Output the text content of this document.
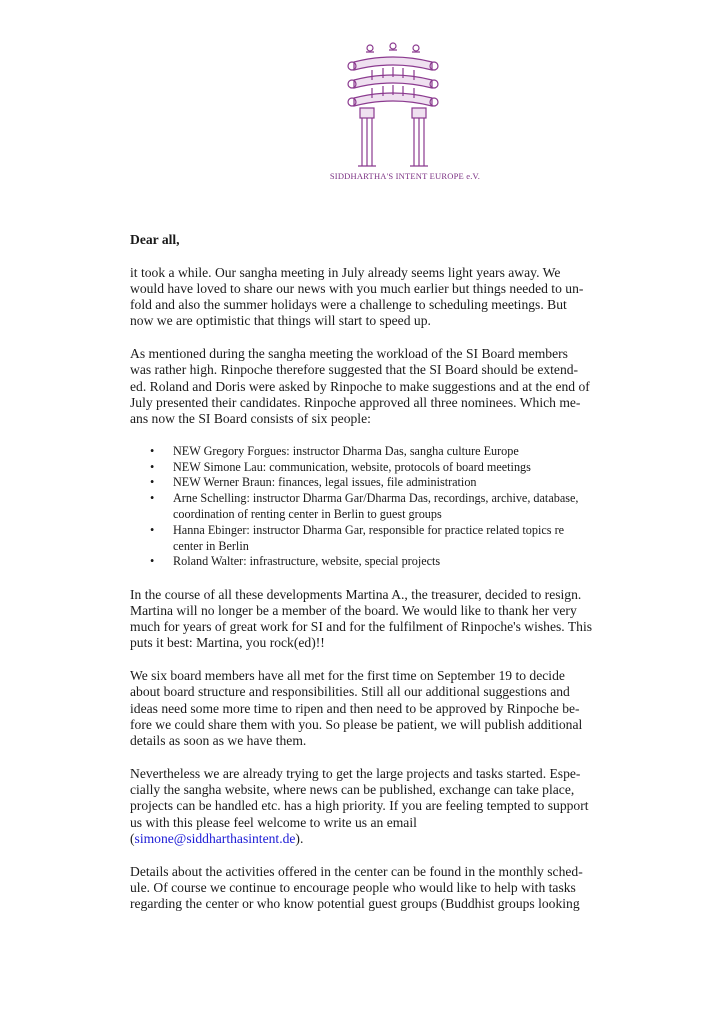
SIDDHARTHA'S INTENT EUROPE e.V.
Dear all,

it took a while. Our sangha meeting in July already seems light years away. We
would have loved to share our news with you much earlier but things needed to un-
fold and also the summer holidays were a challenge to scheduling meetings. But
now we are optimistic that things will start to speed up.

As mentioned during the sangha meeting the workload of the SI Board members
was rather high. Rinpoche therefore suggested that the SI Board should be extend-
ed. Roland and Doris were asked by Rinpoche to make suggestions and at the end of
July presented their candidates. Rinpoche approved all three nominees. Which me-
ans now the SI Board consists of six people:

• NEW Gregory Forgues: instructor Dharma Das, sangha culture Europe
• NEW Simone Lau: communication, website, protocols of board meetings
• NEW Werner Braun: finances, legal issues, file administration
• Arne Schelling: instructor Dharma Gar/Dharma Das, recordings, archive, database,
coordination of renting center in Berlin to guest groups
• Hanna Ebinger: instructor Dharma Gar, responsible for practice related topics re
center in Berlin
• Roland Walter: infrastructure, website, special projects

In the course of all these developments Martina A., the treasurer, decided to resign.
Martina will no longer be a member of the board. We would like to thank her very
much for years of great work for SI and for the fulfilment of Rinpoche's wishes. This
puts it best: Martina, you rock(ed)!!

We six board members have all met for the first time on September 19 to decide
about board structure and responsibilities. Still all our additional suggestions and
ideas need some more time to ripen and then need to be approved by Rinpoche be-
fore we could share them with you. So please be patient, we will publish additional
details as soon as we have them.

Nevertheless we are already trying to get the large projects and tasks started. Espe-
cially the sangha website, where news can be published, exchange can take place,
projects can be handled etc. has a high priority. If you are feeling tempted to support
us with this please feel welcome to write us an email
(simone@siddharthasintent.de).

Details about the activities offered in the center can be found in the monthly sched-
ule. Of course we continue to encourage people who would like to help with tasks
regarding the center or who know potential guest groups (Buddhist groups looking
